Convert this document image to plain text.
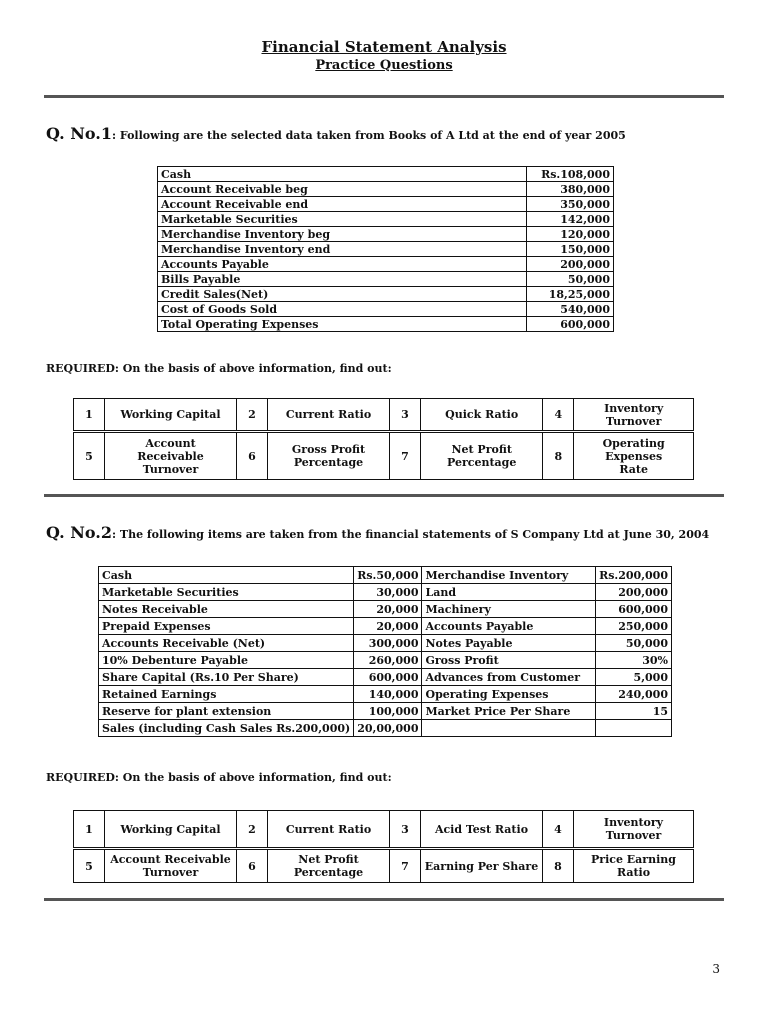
Financial Statement Analysis
Practice Questions
Q. No.1: Following are the selected data taken from Books of A Ltd at the end of year 2005
Cash	Rs.108,000
Account Receivable beg	380,000
Account Receivable end	350,000
Marketable Securities	142,000
Merchandise Inventory beg	120,000
Merchandise Inventory end	150,000
Accounts Payable	200,000
Bills Payable	50,000
Credit Sales(Net)	18,25,000
Cost of Goods Sold	540,000
Total Operating Expenses	600,000
REQUIRED: On the basis of above information, find out:
1	Working Capital	2	Current Ratio	3	Quick Ratio	4	Inventory Turnover
5	Account Receivable Turnover	6	Gross Profit Percentage	7	Net Profit Percentage	8	Operating Expenses Rate
Q. No.2: The following items are taken from the financial statements of S Company Ltd at June 30, 2004
Cash	Rs.50,000	Merchandise Inventory	Rs.200,000
Marketable Securities	30,000	Land	200,000
Notes Receivable	20,000	Machinery	600,000
Prepaid Expenses	20,000	Accounts Payable	250,000
Accounts Receivable (Net)	300,000	Notes Payable	50,000
10% Debenture Payable	260,000	Gross Profit	30%
Share Capital (Rs.10 Per Share)	600,000	Advances from Customer	5,000
Retained Earnings	140,000	Operating Expenses	240,000
Reserve for plant extension	100,000	Market Price Per Share	15
Sales (including Cash Sales Rs.200,000)	20,00,000		
REQUIRED: On the basis of above information, find out:
1	Working Capital	2	Current Ratio	3	Acid Test Ratio	4	Inventory Turnover
5	Account Receivable Turnover	6	Net Profit Percentage	7	Earning Per Share	8	Price Earning Ratio
3
